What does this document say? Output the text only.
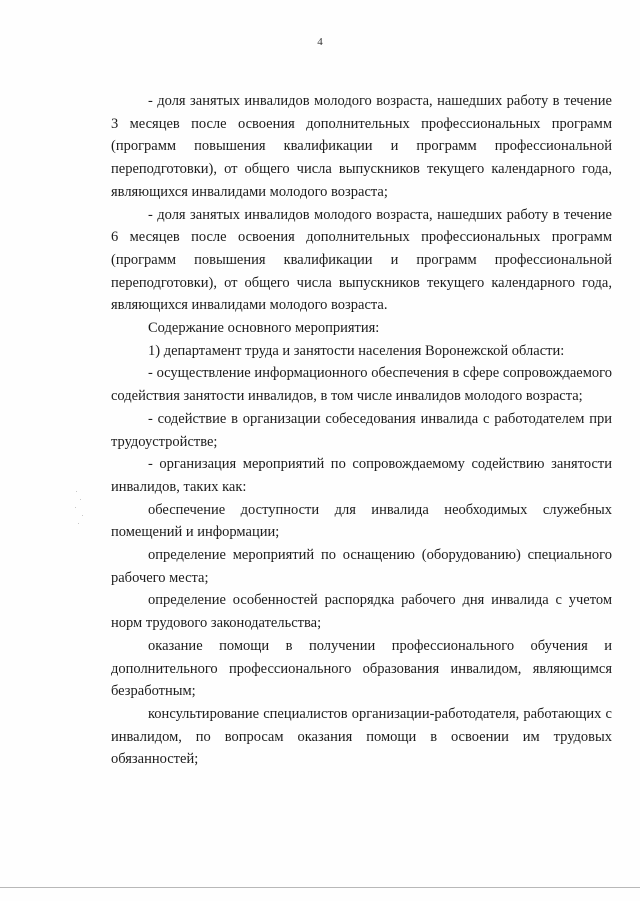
4

- доля занятых инвалидов молодого возраста, нашедших работу в течение 3 месяцев после освоения дополнительных профессиональных программ (программ повышения квалификации и программ профессиональной переподготовки), от общего числа выпускников текущего календарного года, являющихся инвалидами молодого возраста;

- доля занятых инвалидов молодого возраста, нашедших работу в течение 6 месяцев после освоения дополнительных профессиональных программ (программ повышения квалификации и программ профессиональной переподготовки), от общего числа выпускников текущего календарного года, являющихся инвалидами молодого возраста.

Содержание основного мероприятия:

1) департамент труда и занятости населения Воронежской области:

- осуществление информационного обеспечения в сфере сопровождаемого содействия занятости инвалидов, в том числе инвалидов молодого возраста;

- содействие в организации собеседования инвалида с работодателем при трудоустройстве;

- организация мероприятий по сопровождаемому содействию занятости инвалидов, таких как:

обеспечение доступности для инвалида необходимых служебных помещений и информации;

определение мероприятий по оснащению (оборудованию) специального рабочего места;

определение особенностей распорядка рабочего дня инвалида с учетом норм трудового законодательства;

оказание помощи в получении профессионального обучения и дополнительного профессионального образования инвалидом, являющимся безработным;

консультирование специалистов организации-работодателя, работающих с инвалидом, по вопросам оказания помощи в освоении им трудовых обязанностей;
